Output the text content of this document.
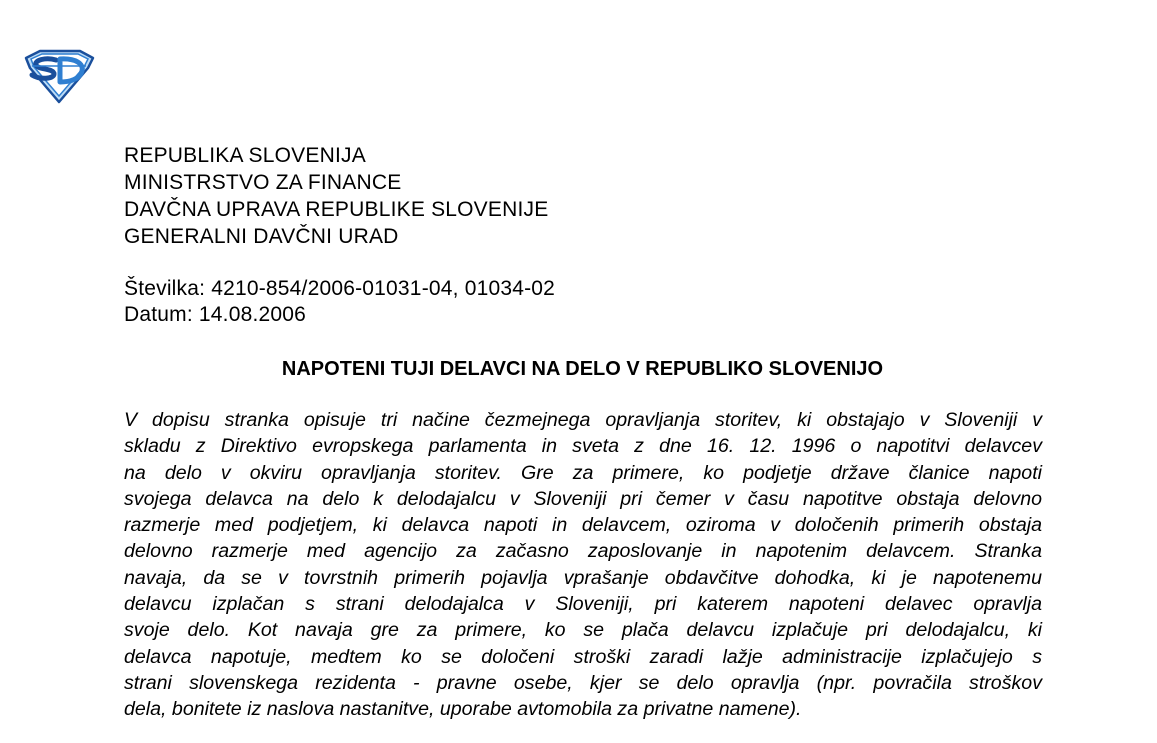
REPUBLIKA SLOVENIJA
MINISTRSTVO ZA FINANCE
DAVČNA UPRAVA REPUBLIKE SLOVENIJE
GENERALNI DAVČNI URAD
Številka: 4210-854/2006-01031-04, 01034-02
Datum: 14.08.2006
NAPOTENI TUJI DELAVCI NA DELO V REPUBLIKO SLOVENIJO
V dopisu stranka opisuje tri načine čezmejnega opravljanja storitev, ki obstajajo v Sloveniji v
skladu z Direktivo evropskega parlamenta in sveta z dne 16. 12. 1996 o napotitvi delavcev
na delo v okviru opravljanja storitev. Gre za primere, ko podjetje države članice napoti
svojega delavca na delo k delodajalcu v Sloveniji pri čemer v času napotitve obstaja delovno
razmerje med podjetjem, ki delavca napoti in delavcem, oziroma v določenih primerih obstaja
delovno razmerje med agencijo za začasno zaposlovanje in napotenim delavcem. Stranka
navaja, da se v tovrstnih primerih pojavlja vprašanje obdavčitve dohodka, ki je napotenemu
delavcu izplačan s strani delodajalca v Sloveniji, pri katerem napoteni delavec opravlja
svoje delo. Kot navaja gre za primere, ko se plača delavcu izplačuje pri delodajalcu, ki
delavca napotuje, medtem ko se določeni stroški zaradi lažje administracije izplačujejo s
strani slovenskega rezidenta - pravne osebe, kjer se delo opravlja (npr. povračila stroškov
dela, bonitete iz naslova nastanitve, uporabe avtomobila za privatne namene).
